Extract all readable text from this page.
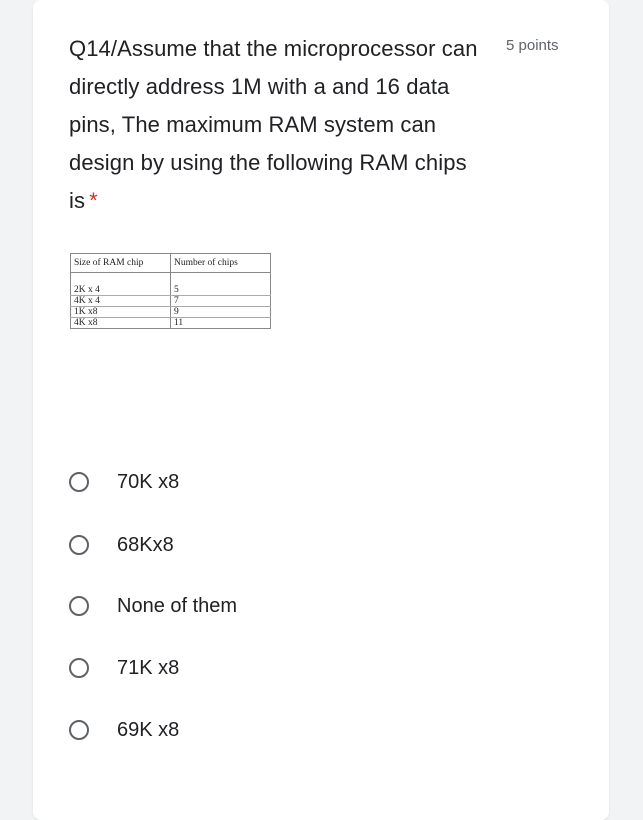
Q14/Assume that the microprocessor can directly address 1M with a and 16 data pins, The maximum RAM system can design by using the following RAM chips is *
5 points
Size of RAM chip	Number of chips

2K x 4	5
4K x 4	7
1K x8	9
4K x8	11
70K x8
68Kx8
None of them
71K x8
69K x8
